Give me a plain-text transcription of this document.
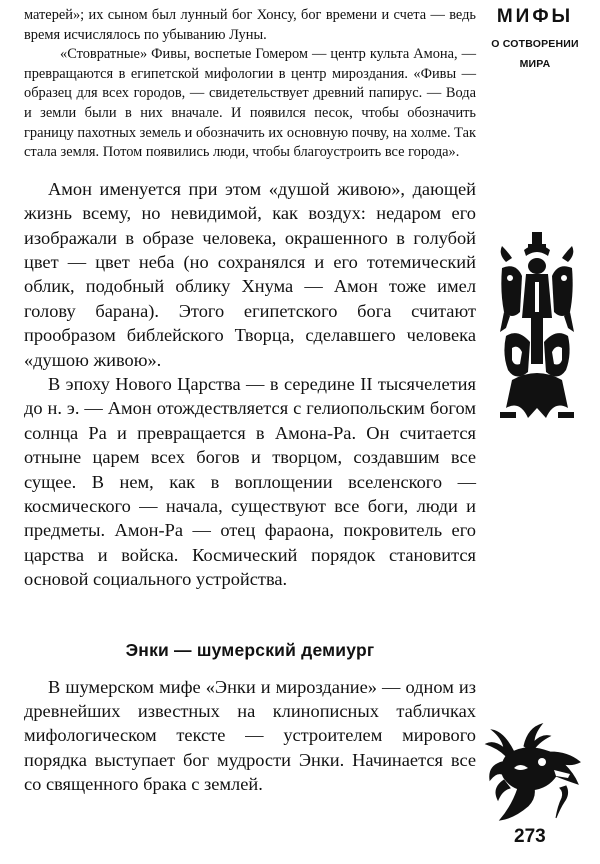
матерей»; их сыном был лунный бог Хонсу, бог времени и счета — ведь время исчислялось по убыванию Луны.

«Стовратные» Фивы, воспетые Гомером — центр культа Амона, — превращаются в египетской мифологии в центр мироздания. «Фивы — образец для всех городов, — свидетельствует древний папирус. — Вода и земли были в них вначале. И появился песок, чтобы обозначить границу пахотных земель и обозначить их основную почву, на холме. Так стала земля. Потом появились люди, чтобы благоустроить все города».

Амон именуется при этом «душой живою», дающей жизнь всему, но невидимой, как воздух: недаром его изображали в образе человека, окрашенного в голубой цвет — цвет неба (но сохранялся и его тотемический облик, подобный облику Хнума — Амон тоже имел голову барана). Этого египетского бога считают прообразом библейского Творца, сделавшего человека «душою живою».

В эпоху Нового Царства — в середине II тысячелетия до н. э. — Амон отождествляется с гелиопольским богом солнца Ра и превращается в Амона-Ра. Он считается отныне царем всех богов и творцом, создавшим все сущее. В нем, как в воплощении вселенского — космического — начала, существуют все боги, люди и предметы. Амон-Ра — отец фараона, покровитель его царства и войска. Космический порядок становится основой социального устройства.

Энки — шумерский демиург

В шумерском мифе «Энки и мироздание» — одном из древнейших известных на клинописных табличках мифологическом тексте — устроителем мирового порядка выступает бог мудрости Энки. Начинается все со священного брака с землей.

МИФЫ
О СОТВОРЕНИИ
МИРА
273
